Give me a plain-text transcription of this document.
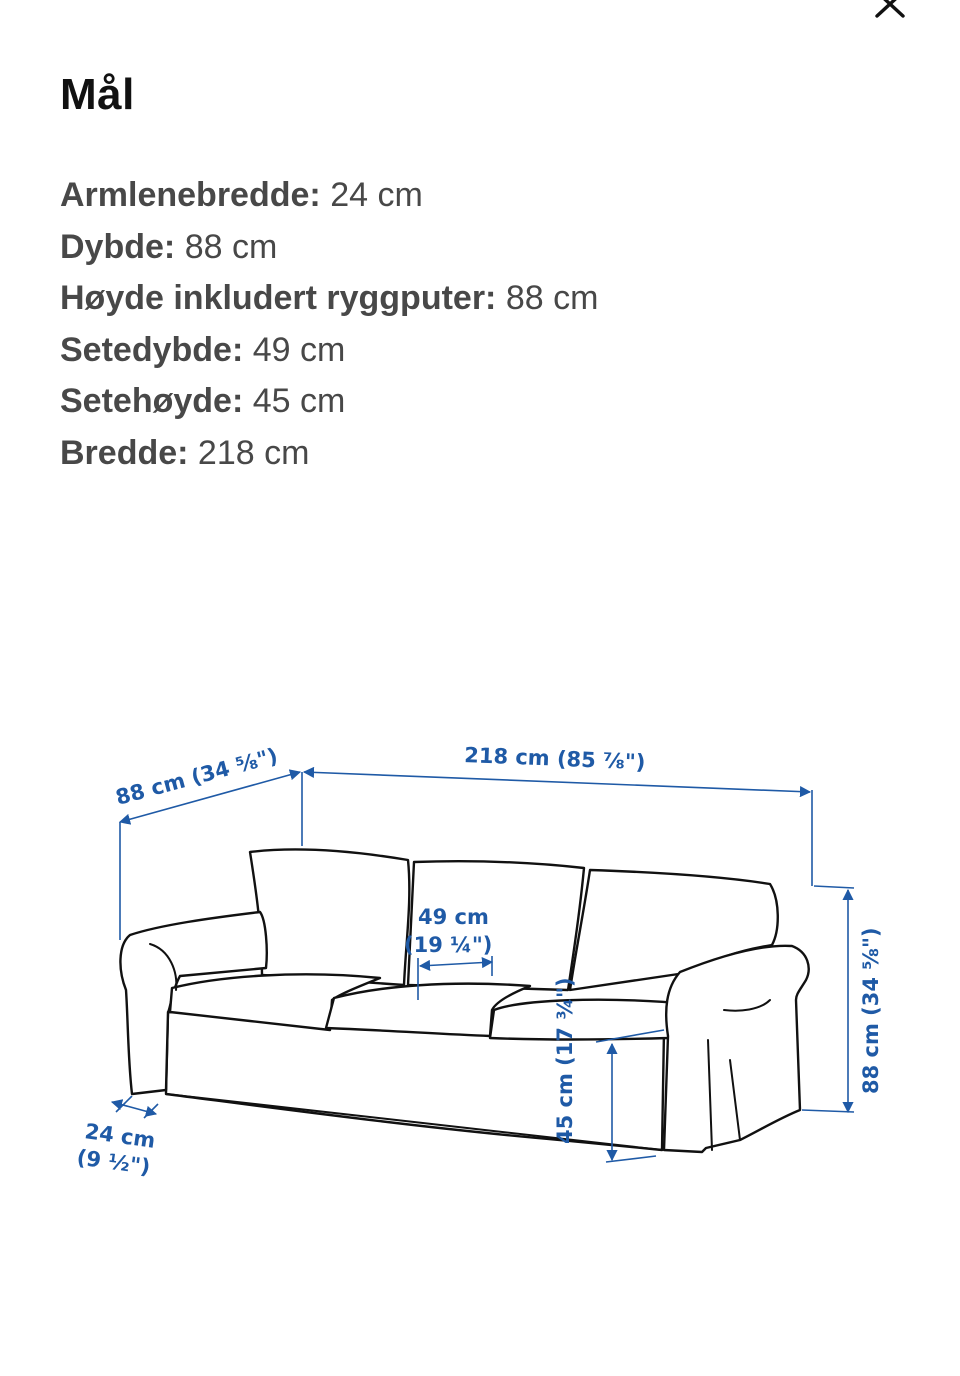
Mål
Armlenebredde: 24 cm
Dybde: 88 cm
Høyde inkludert ryggputer: 88 cm
Setedybde: 49 cm
Setehøyde: 45 cm
Bredde: 218 cm
88 cm (34 ⅝")	218 cm (85 ⅞")
49 cm
(19 ¼")
24 cm
(9 ½")
45 cm (17 ¾")	88 cm (34 ⅝")
